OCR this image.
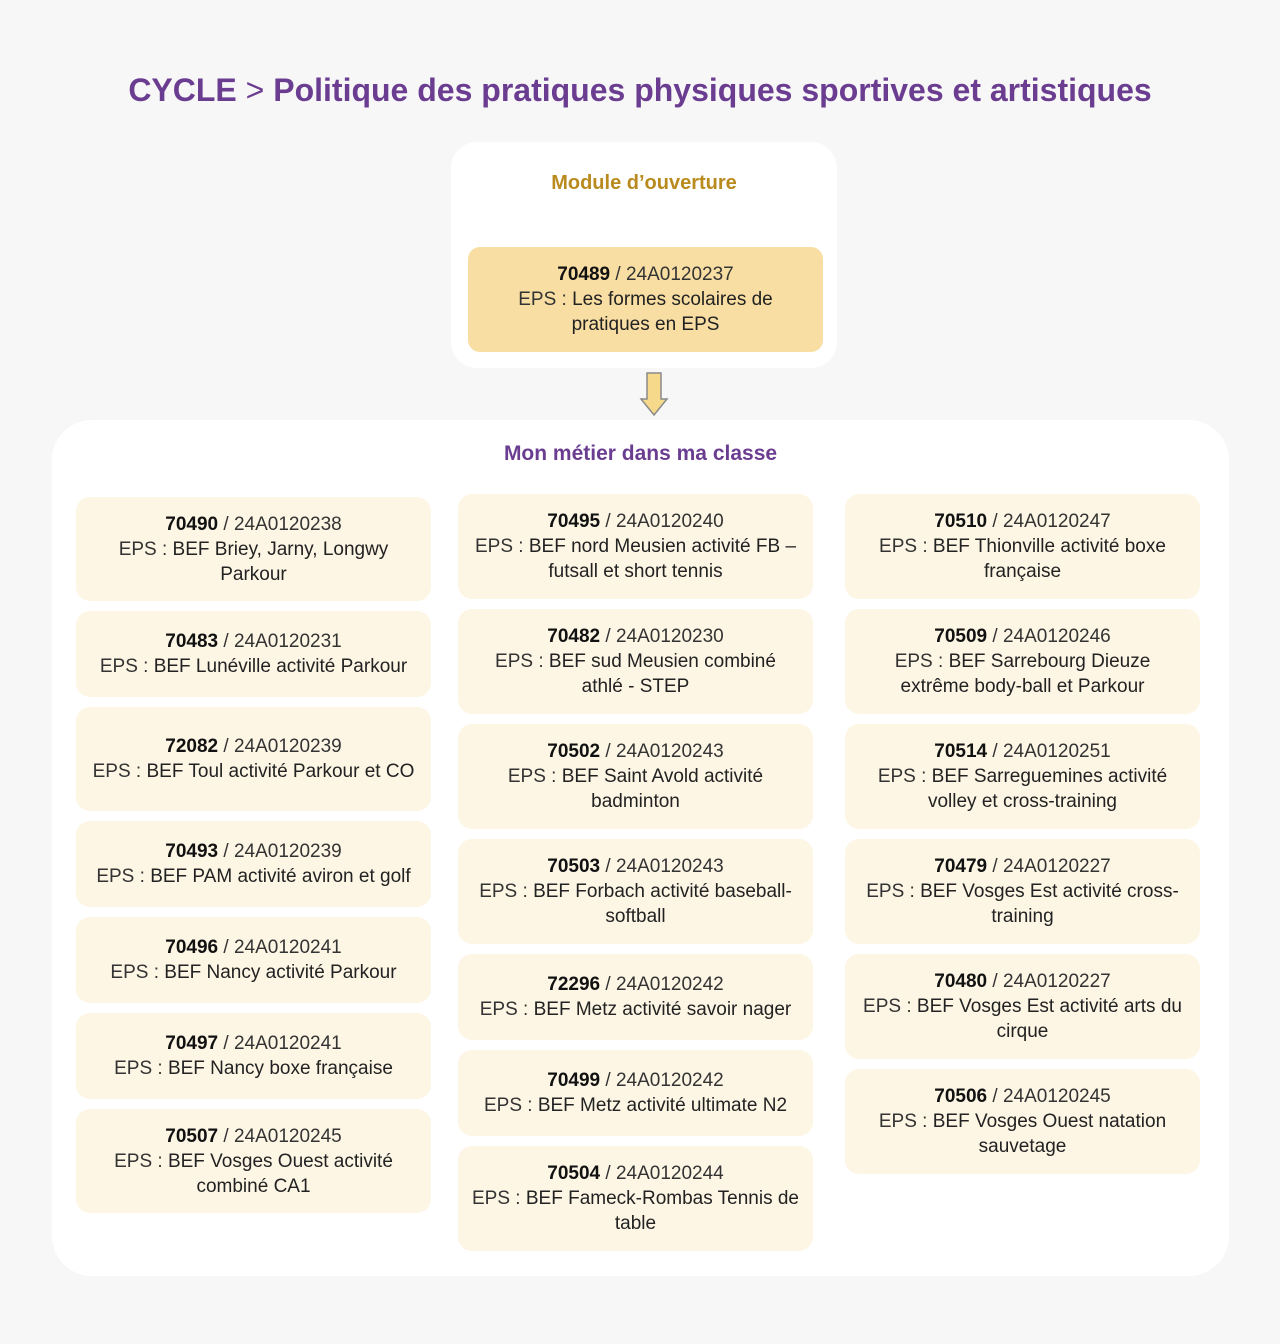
CYCLE > Politique des pratiques physiques sportives et artistiques
Module d’ouverture
70489 / 24A0120237
EPS : Les formes scolaires de pratiques en EPS
Mon métier dans ma classe
70490 / 24A0120238
EPS : BEF Briey, Jarny, Longwy Parkour
70483 / 24A0120231
EPS : BEF Lunéville activité Parkour
72082 / 24A0120239
EPS : BEF Toul activité Parkour et CO
70493 / 24A0120239
EPS : BEF PAM activité aviron et golf
70496 / 24A0120241
EPS : BEF Nancy activité Parkour
70497 / 24A0120241
EPS : BEF Nancy boxe française
70507 / 24A0120245
EPS : BEF Vosges Ouest activité combiné CA1
70495 / 24A0120240
EPS : BEF nord Meusien activité FB – futsall et short tennis
70482 / 24A0120230
EPS : BEF sud Meusien combiné athlé - STEP
70502 / 24A0120243
EPS : BEF Saint Avold activité badminton
70503 / 24A0120243
EPS : BEF Forbach activité baseball-softball
72296 / 24A0120242
EPS : BEF Metz activité savoir nager
70499 / 24A0120242
EPS : BEF Metz activité ultimate N2
70504 / 24A0120244
EPS : BEF Fameck-Rombas Tennis de table
70510 / 24A0120247
EPS : BEF Thionville activité boxe française
70509 / 24A0120246
EPS : BEF Sarrebourg Dieuze extrême body-ball et Parkour
70514 / 24A0120251
EPS : BEF Sarreguemines activité volley et cross-training
70479 / 24A0120227
EPS : BEF Vosges Est activité cross-training
70480 / 24A0120227
EPS : BEF Vosges Est activité arts du cirque
70506 / 24A0120245
EPS : BEF Vosges Ouest natation sauvetage
